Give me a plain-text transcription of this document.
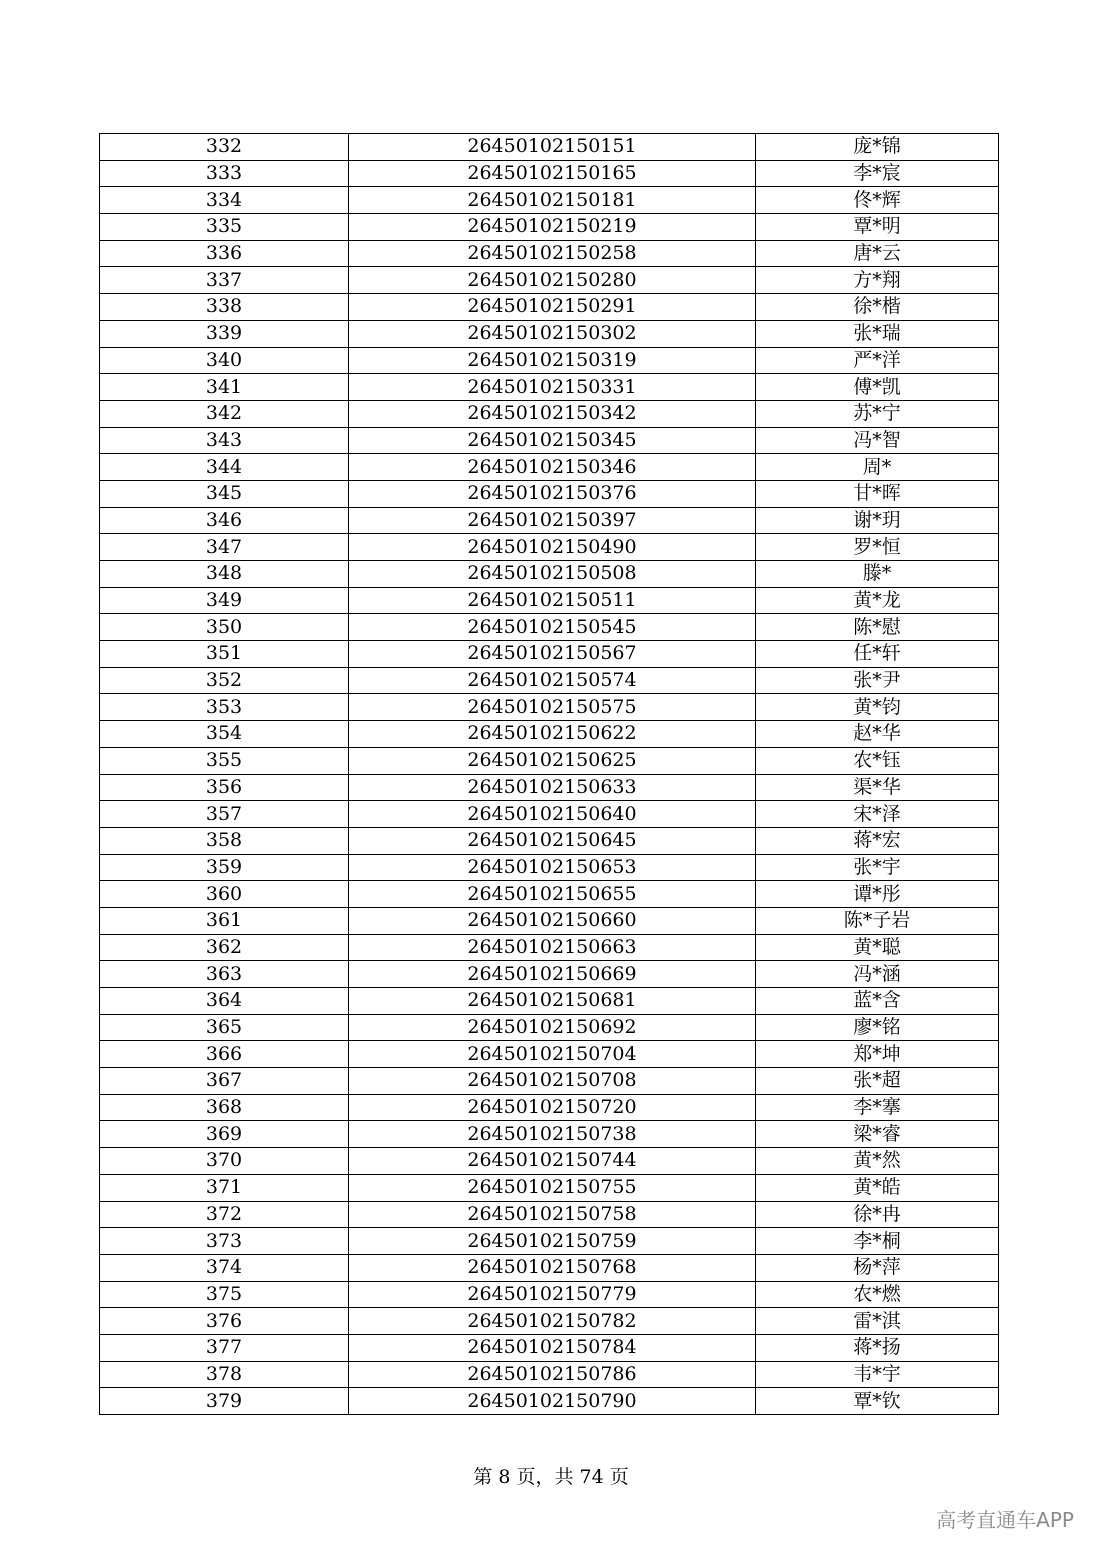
332	26450102150151	庞*锦
333	26450102150165	李*宸
334	26450102150181	佟*辉
335	26450102150219	覃*明
336	26450102150258	唐*云
337	26450102150280	方*翔
338	26450102150291	徐*楷
339	26450102150302	张*瑞
340	26450102150319	严*洋
341	26450102150331	傅*凯
342	26450102150342	苏*宁
343	26450102150345	冯*智
344	26450102150346	周*
345	26450102150376	甘*晖
346	26450102150397	谢*玥
347	26450102150490	罗*恒
348	26450102150508	滕*
349	26450102150511	黄*龙
350	26450102150545	陈*慰
351	26450102150567	任*轩
352	26450102150574	张*尹
353	26450102150575	黄*钧
354	26450102150622	赵*华
355	26450102150625	农*钰
356	26450102150633	渠*华
357	26450102150640	宋*泽
358	26450102150645	蒋*宏
359	26450102150653	张*宇
360	26450102150655	谭*彤
361	26450102150660	陈*子岩
362	26450102150663	黄*聪
363	26450102150669	冯*涵
364	26450102150681	蓝*含
365	26450102150692	廖*铭
366	26450102150704	郑*坤
367	26450102150708	张*超
368	26450102150720	李*搴
369	26450102150738	梁*睿
370	26450102150744	黄*然
371	26450102150755	黄*皓
372	26450102150758	徐*冉
373	26450102150759	李*桐
374	26450102150768	杨*萍
375	26450102150779	农*燃
376	26450102150782	雷*淇
377	26450102150784	蒋*扬
378	26450102150786	韦*宇
379	26450102150790	覃*钦
第 8 页，共 74 页
高考直通车APP
